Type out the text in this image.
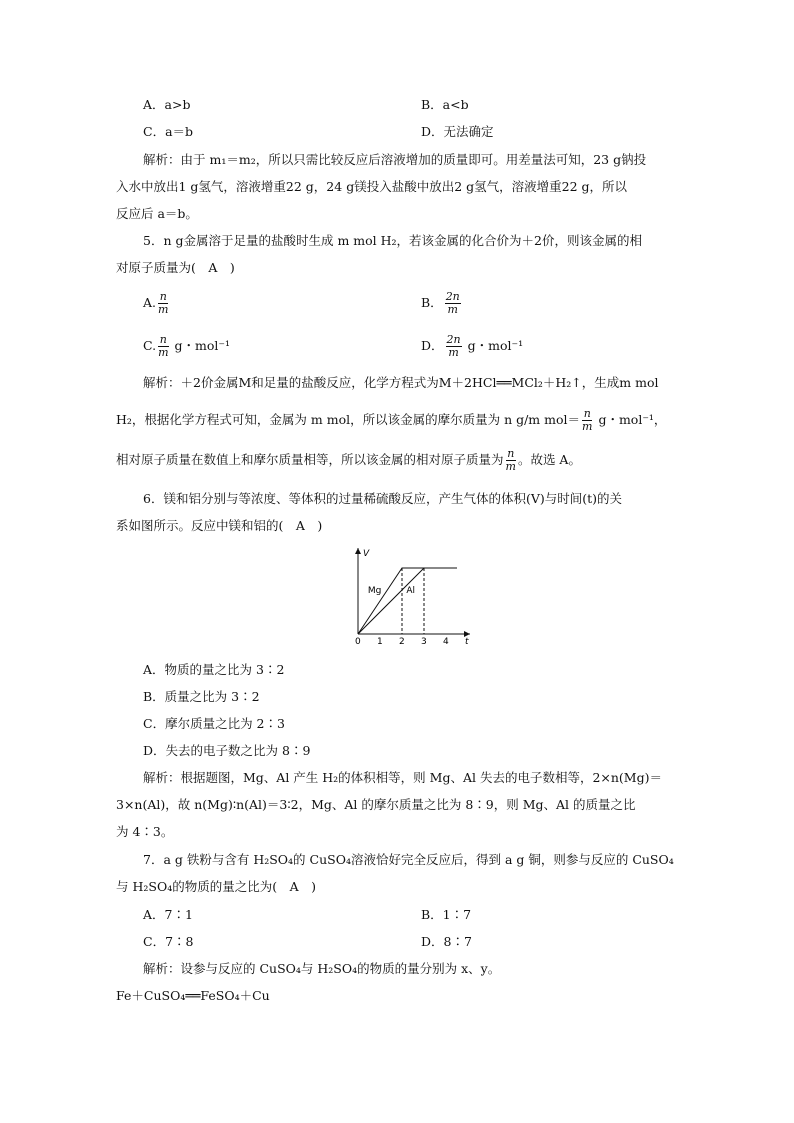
A．a>b	B．a<b
C．a＝b	D．无法确定
解析：由于 m₁＝m₂，所以只需比较反应后溶液增加的质量即可。用差量法可知，23 g钠投
入水中放出1 g氢气，溶液增重22 g，24 g镁投入盐酸中放出2 g氢气，溶液增重22 g，所以
反应后 a＝b。
5．n g金属溶于足量的盐酸时生成 m mol H₂，若该金属的化合价为＋2价，则该金属的相
对原子质量为(　A　)
A. $\frac{n}{m}$	B． $\frac{2n}{m}$
C. $\frac{n}{m}$ g・mol⁻¹	D． $\frac{2n}{m}$ g・mol⁻¹
解析：＋2价金属M和足量的盐酸反应，化学方程式为M＋2HCl══MCl₂＋H₂↑，生成m mol
H₂，根据化学方程式可知，金属为 m mol，所以该金属的摩尔质量为 n g/m $mol= \frac{n}{m}$ g・mol⁻¹，
相对原子质量在数值上和摩尔质量相等，所以该金属的相对原子质量为 $\frac{n}{m}$ 。故选 A。
6．镁和铝分别与等浓度、等体积的过量稀硫酸反应，产生气体的体积(V)与时间(t)的关
系如图所示。反应中镁和铝的(　A　)
V
t
0 1 2 3 4
Mg	Al
A．物质的量之比为 3∶2
B．质量之比为 3∶2
C．摩尔质量之比为 2∶3
D．失去的电子数之比为 8∶9
解析：根据题图，Mg、Al 产生 H₂的体积相等，则 Mg、Al 失去的电子数相等，2×n(Mg)＝
3×n(Al)，故 n(Mg)∶n(Al)＝3∶2，Mg、Al 的摩尔质量之比为 8∶9，则 Mg、Al 的质量之比
为 4∶3。
7．a g 铁粉与含有 H₂SO₄的 CuSO₄溶液恰好完全反应后，得到 a g 铜，则参与反应的 CuSO₄
与 H₂SO₄的物质的量之比为(　A　)
A．7∶1	B．1∶7
C．7∶8	D．8∶7
解析：设参与反应的 CuSO₄与 H₂SO₄的物质的量分别为 x、y。
Fe＋CuSO₄══FeSO₄＋Cu
